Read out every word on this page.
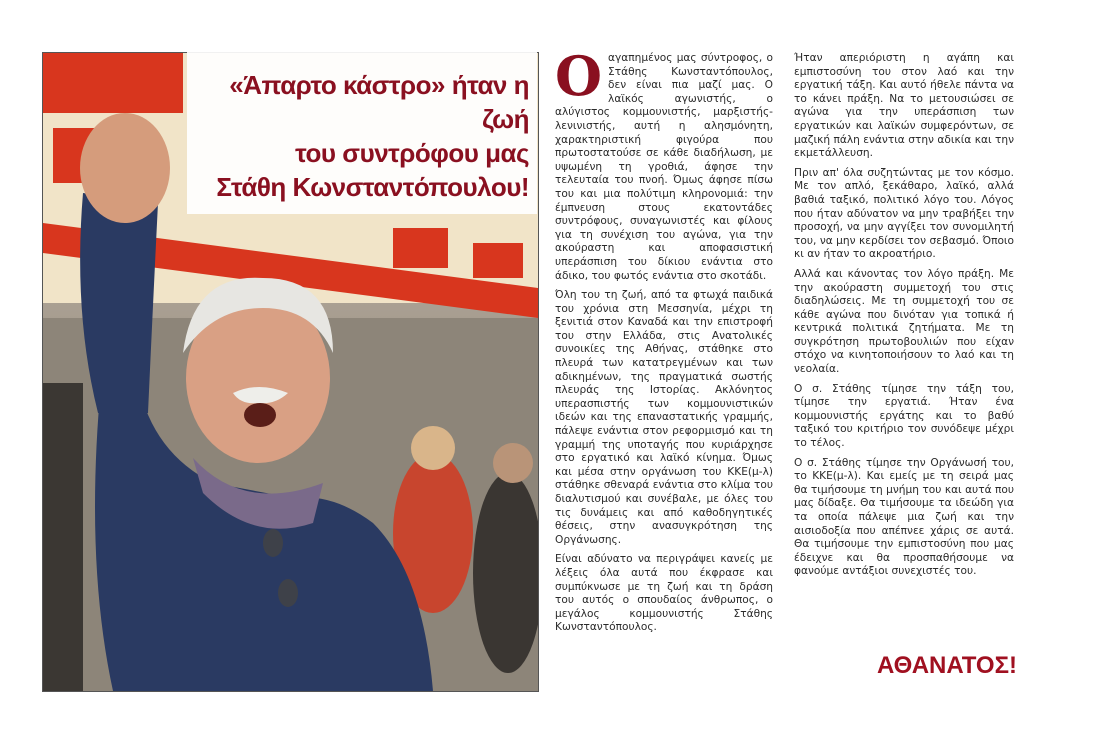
«Άπαρτο κάστρο» ήταν η ζωή
του συντρόφου μας
Στάθη Κωνσταντόπουλου!

Οαγαπημένος μας σύντροφος, ο Στάθης Κωνσταντόπουλος, δεν είναι πια μαζί μας. Ο λαϊκός αγωνιστής, ο αλύγιστος κομμουνιστής, μαρξιστής-λενινιστής, αυτή η αλησμόνητη, χαρακτηριστική φιγούρα που πρωτοστατούσε σε κάθε διαδήλωση, με υψωμένη τη γροθιά, άφησε την τελευταία του πνοή. Όμως άφησε πίσω του και μια πολύτιμη κληρονομιά: την έμπνευση στους εκατοντάδες συντρόφους, συναγωνιστές και φίλους για τη συνέχιση του αγώνα, για την ακούραστη και αποφασιστική υπεράσπιση του δίκιου ενάντια στο άδικο, του φωτός ενάντια στο σκοτάδι.

Όλη του τη ζωή, από τα φτωχά παιδικά του χρόνια στη Μεσσηνία, μέχρι τη ξενιτιά στον Καναδά και την επιστροφή του στην Ελλάδα, στις Ανατολικές συνοικίες της Αθήνας, στάθηκε στο πλευρά των κατατρεγμένων και των αδικημένων, της πραγματικά σωστής πλευράς της Ιστορίας. Ακλόνητος υπερασπιστής των κομμουνιστικών ιδεών και της επαναστατικής γραμμής, πάλεψε ενάντια στον ρεφορμισμό και τη γραμμή της υποταγής που κυριάρχησε στο εργατικό και λαϊκό κίνημα. Όμως και μέσα στην οργάνωση του ΚΚΕ(μ-λ) στάθηκε σθεναρά ενάντια στο κλίμα του διαλυτισμού και συνέβαλε, με όλες του τις δυνάμεις και από καθοδηγητικές θέσεις, στην ανασυγκρότηση της Οργάνωσης.

Είναι αδύνατο να περιγράψει κανείς με λέξεις όλα αυτά που έκφρασε και συμπύκνωσε με τη ζωή και τη δράση του αυτός ο σπουδαίος άνθρωπος, ο μεγάλος κομμουνιστής Στάθης Κωνσταντόπουλος.

Ήταν απεριόριστη η αγάπη και εμπιστοσύνη του στον λαό και την εργατική τάξη. Και αυτό ήθελε πάντα να το κάνει πράξη. Να το μετουσιώσει σε αγώνα για την υπεράσπιση των εργατικών και λαϊκών συμφερόντων, σε μαζική πάλη ενάντια στην αδικία και την εκμετάλλευση.

Πριν απ' όλα συζητώντας με τον κόσμο. Με τον απλό, ξεκάθαρο, λαϊκό, αλλά βαθιά ταξικό, πολιτικό λόγο του. Λόγος που ήταν αδύνατον να μην τραβήξει την προσοχή, να μην αγγίξει τον συνομιλητή του, να μην κερδίσει τον σεβασμό. Όποιο κι αν ήταν το ακροατήριο.

Αλλά και κάνοντας τον λόγο πράξη. Με την ακούραστη συμμετοχή του στις διαδηλώσεις. Με τη συμμετοχή του σε κάθε αγώνα που δινόταν για τοπικά ή κεντρικά πολιτικά ζητήματα. Με τη συγκρότηση πρωτοβουλιών που είχαν στόχο να κινητοποιήσουν το λαό και τη νεολαία.

Ο σ. Στάθης τίμησε την τάξη του, τίμησε την εργατιά. Ήταν ένα κομμουνιστής εργάτης και το βαθύ ταξικό του κριτήριο τον συνόδεψε μέχρι το τέλος.

Ο σ. Στάθης τίμησε την Οργάνωσή του, το ΚΚΕ(μ-λ). Και εμείς με τη σειρά μας θα τιμήσουμε τη μνήμη του και αυτά που μας δίδαξε. Θα τιμήσουμε τα ιδεώδη για τα οποία πάλεψε μια ζωή και την αισιοδοξία που απέπνεε χάρις σε αυτά. Θα τιμήσουμε την εμπιστοσύνη που μας έδειχνε και θα προσπαθήσουμε να φανούμε αντάξιοι συνεχιστές του.

ΑΘΑΝΑΤΟΣ!
